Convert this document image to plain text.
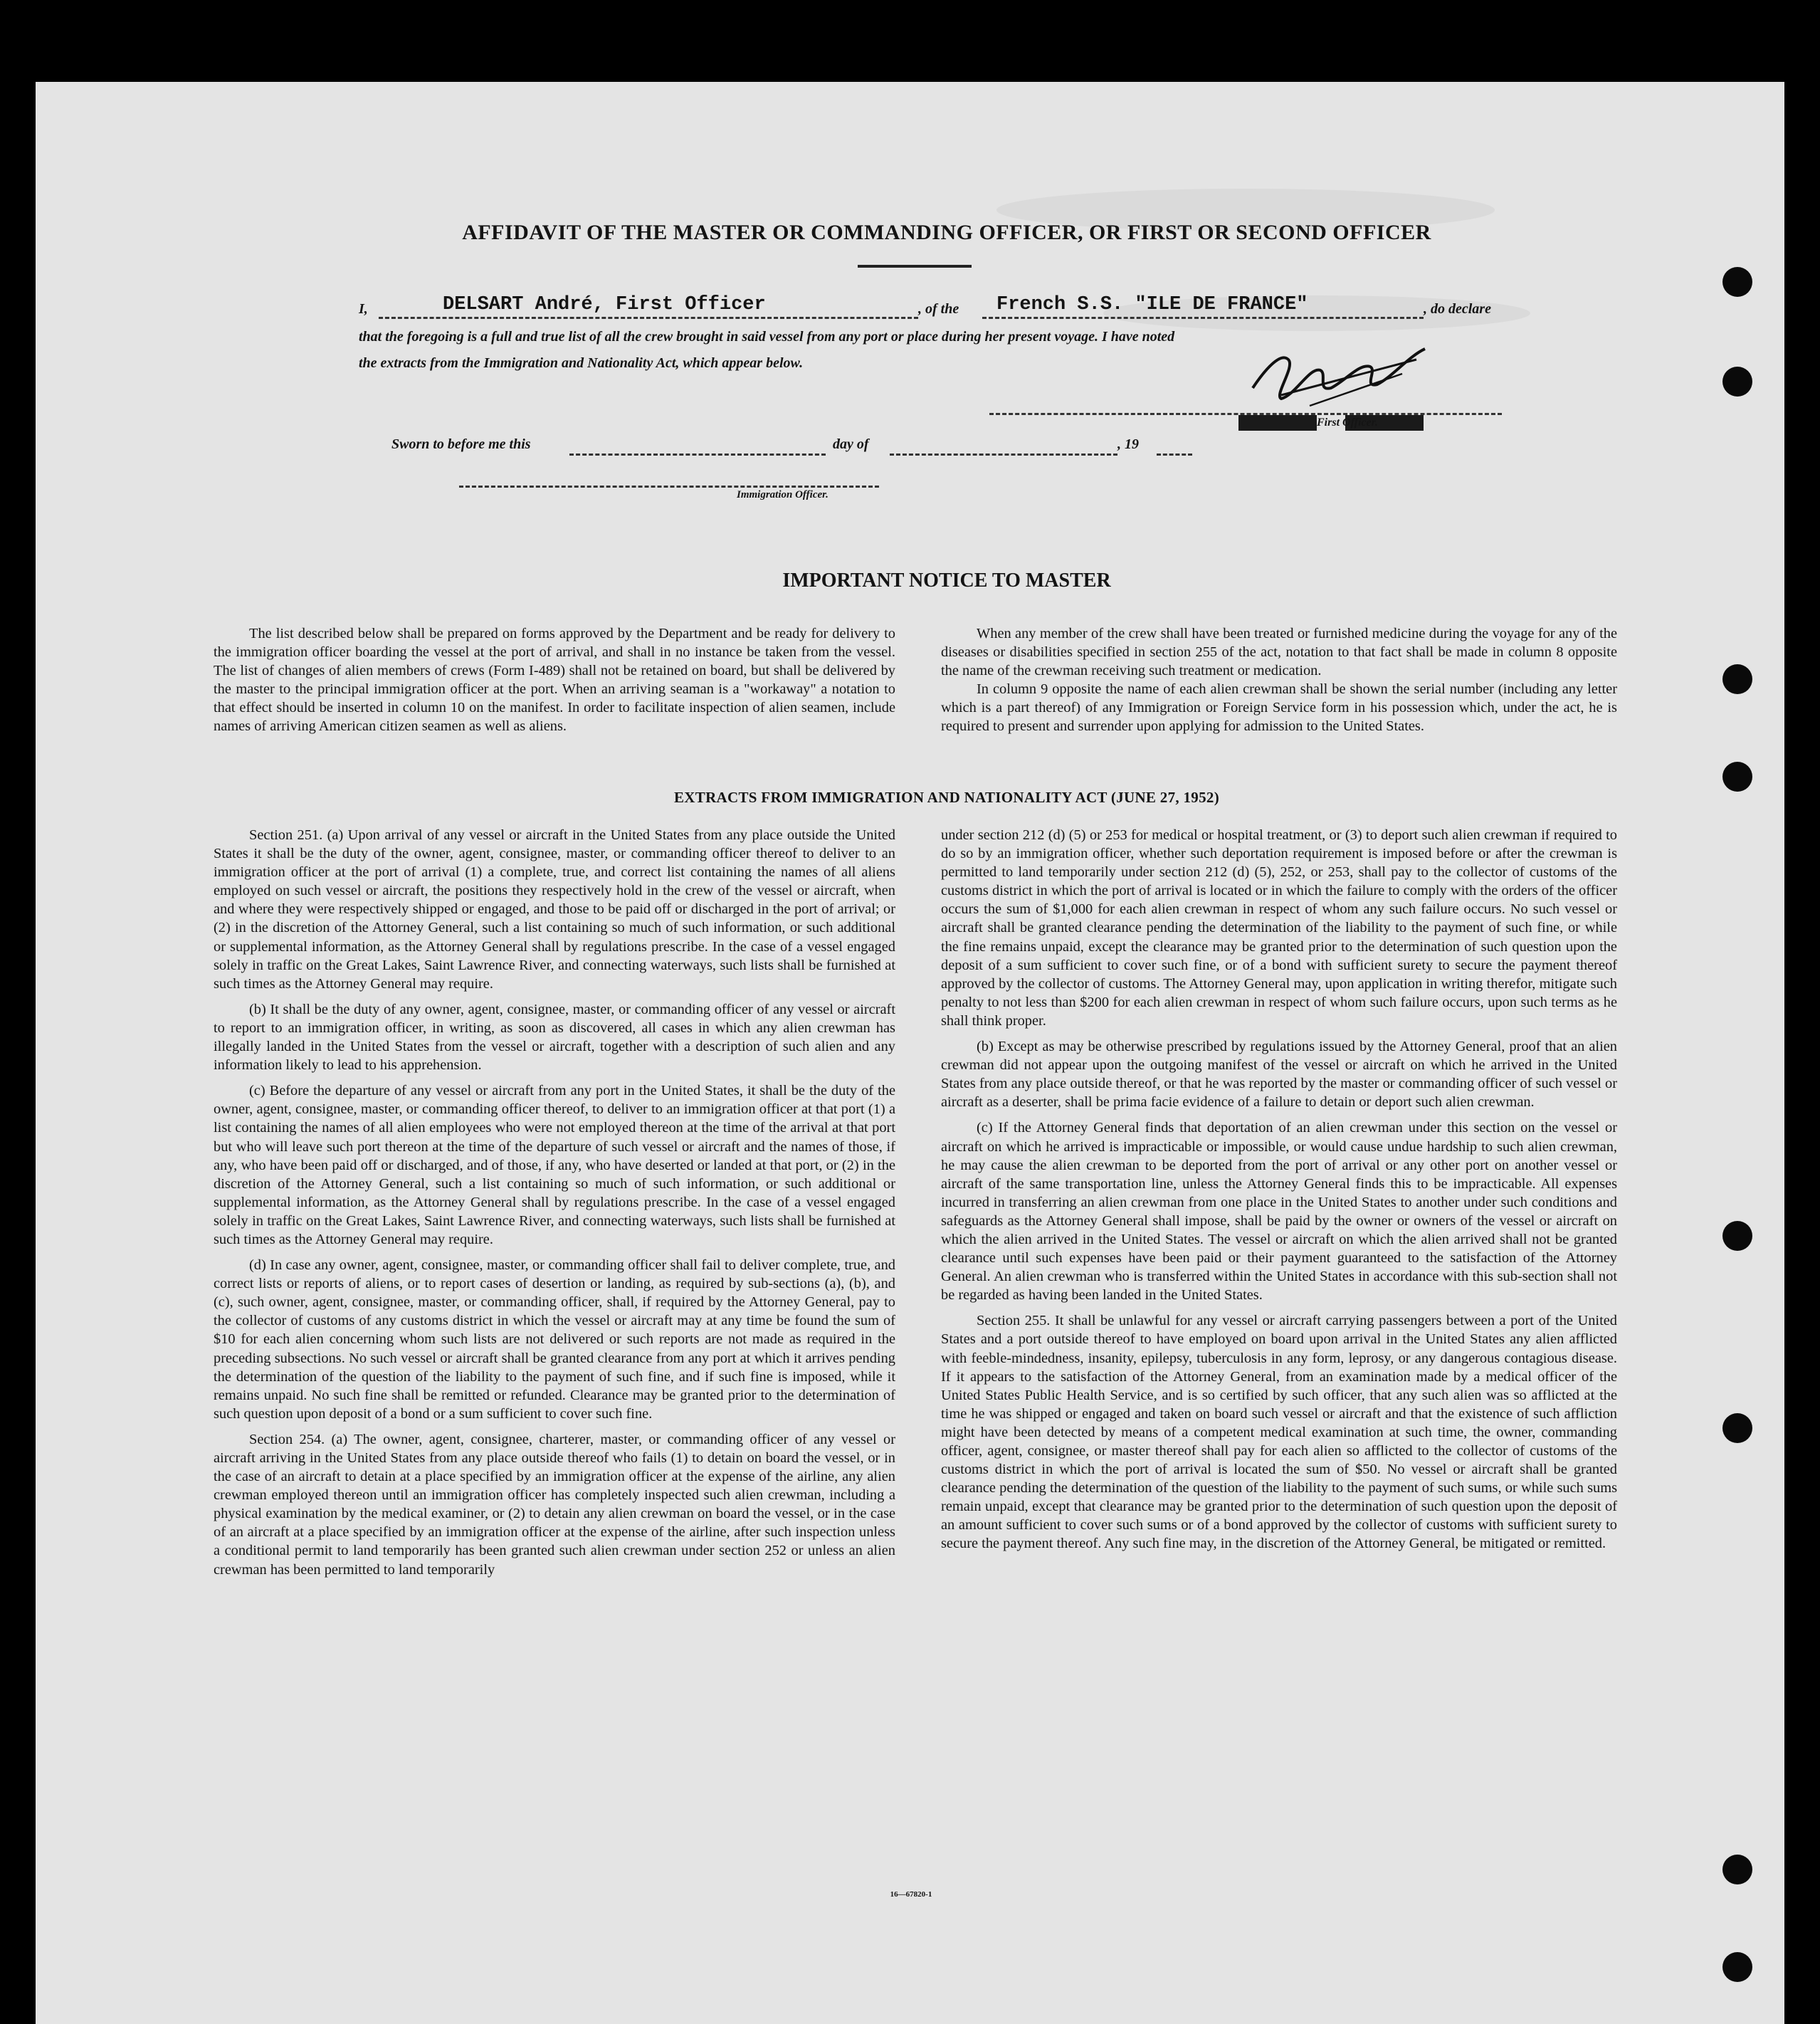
AFFIDAVIT OF THE MASTER OR COMMANDING OFFICER, OR FIRST OR SECOND OFFICER
I,	DELSART André, First Officer	, of the French S.S. "ILE DE FRANCE"	, do declare
that the foregoing is a full and true list of all the crew brought in said vessel from any port or place during her present voyage. I have noted
the extracts from the Immigration and Nationality Act, which appear below.
First Officer.
Sworn to before me this	day of	, 19
Immigration Officer.
IMPORTANT NOTICE TO MASTER

The list described below shall be prepared on forms approved by the Department and be ready for delivery to the immigration officer boarding the vessel at the port of arrival, and shall in no instance be taken from the vessel. The list of changes of alien members of crews (Form I-489) shall not be retained on board, but shall be delivered by the master to the principal immigration officer at the port. When an arriving seaman is a "workaway" a notation to that effect should be inserted in column 10 on the manifest. In order to facilitate inspection of alien seamen, include names of arriving American citizen seamen as well as aliens.

When any member of the crew shall have been treated or furnished medicine during the voyage for any of the diseases or disabilities specified in section 255 of the act, notation to that fact shall be made in column 8 opposite the name of the crewman receiving such treatment or medication.

In column 9 opposite the name of each alien crewman shall be shown the serial number (including any letter which is a part thereof) of any Immigration or Foreign Service form in his possession which, under the act, he is required to present and surrender upon applying for admission to the United States.

EXTRACTS FROM IMMIGRATION AND NATIONALITY ACT (JUNE 27, 1952)

Section 251. (a) Upon arrival of any vessel or aircraft in the United States from any place outside the United States it shall be the duty of the owner, agent, consignee, master, or commanding officer thereof to deliver to an immigration officer at the port of arrival (1) a complete, true, and correct list containing the names of all aliens employed on such vessel or aircraft, the positions they respectively hold in the crew of the vessel or aircraft, when and where they were respectively shipped or engaged, and those to be paid off or discharged in the port of arrival; or (2) in the discretion of the Attorney General, such a list containing so much of such information, or such additional or supplemental information, as the Attorney General shall by regulations prescribe. In the case of a vessel engaged solely in traffic on the Great Lakes, Saint Lawrence River, and connecting waterways, such lists shall be furnished at such times as the Attorney General may require.

(b) It shall be the duty of any owner, agent, consignee, master, or commanding officer of any vessel or aircraft to report to an immigration officer, in writing, as soon as discovered, all cases in which any alien crewman has illegally landed in the United States from the vessel or aircraft, together with a description of such alien and any information likely to lead to his apprehension.

(c) Before the departure of any vessel or aircraft from any port in the United States, it shall be the duty of the owner, agent, consignee, master, or commanding officer thereof, to deliver to an immigration officer at that port (1) a list containing the names of all alien employees who were not employed thereon at the time of the arrival at that port but who will leave such port thereon at the time of the departure of such vessel or aircraft and the names of those, if any, who have been paid off or discharged, and of those, if any, who have deserted or landed at that port, or (2) in the discretion of the Attorney General, such a list containing so much of such information, or such additional or supplemental information, as the Attorney General shall by regulations prescribe. In the case of a vessel engaged solely in traffic on the Great Lakes, Saint Lawrence River, and connecting waterways, such lists shall be furnished at such times as the Attorney General may require.

(d) In case any owner, agent, consignee, master, or commanding officer shall fail to deliver complete, true, and correct lists or reports of aliens, or to report cases of desertion or landing, as required by sub-sections (a), (b), and (c), such owner, agent, consignee, master, or commanding officer, shall, if required by the Attorney General, pay to the collector of customs of any customs district in which the vessel or aircraft may at any time be found the sum of $10 for each alien concerning whom such lists are not delivered or such reports are not made as required in the preceding subsections. No such vessel or aircraft shall be granted clearance from any port at which it arrives pending the determination of the question of the liability to the payment of such fine, and if such fine is imposed, while it remains unpaid. No such fine shall be remitted or refunded. Clearance may be granted prior to the determination of such question upon deposit of a bond or a sum sufficient to cover such fine.

Section 254. (a) The owner, agent, consignee, charterer, master, or commanding officer of any vessel or aircraft arriving in the United States from any place outside thereof who fails (1) to detain on board the vessel, or in the case of an aircraft to detain at a place specified by an immigration officer at the expense of the airline, any alien crewman employed thereon until an immigration officer has completely inspected such alien crewman, including a physical examination by the medical examiner, or (2) to detain any alien crewman on board the vessel, or in the case of an aircraft at a place specified by an immigration officer at the expense of the airline, after such inspection unless a conditional permit to land temporarily has been granted such alien crewman under section 252 or unless an alien crewman has been permitted to land temporarily

under section 212 (d) (5) or 253 for medical or hospital treatment, or (3) to deport such alien crewman if required to do so by an immigration officer, whether such deportation requirement is imposed before or after the crewman is permitted to land temporarily under section 212 (d) (5), 252, or 253, shall pay to the collector of customs of the customs district in which the port of arrival is located or in which the failure to comply with the orders of the officer occurs the sum of $1,000 for each alien crewman in respect of whom any such failure occurs. No such vessel or aircraft shall be granted clearance pending the determination of the liability to the payment of such fine, or while the fine remains unpaid, except the clearance may be granted prior to the determination of such question upon the deposit of a sum sufficient to cover such fine, or of a bond with sufficient surety to secure the payment thereof approved by the collector of customs. The Attorney General may, upon application in writing therefor, mitigate such penalty to not less than $200 for each alien crewman in respect of whom such failure occurs, upon such terms as he shall think proper.

(b) Except as may be otherwise prescribed by regulations issued by the Attorney General, proof that an alien crewman did not appear upon the outgoing manifest of the vessel or aircraft on which he arrived in the United States from any place outside thereof, or that he was reported by the master or commanding officer of such vessel or aircraft as a deserter, shall be prima facie evidence of a failure to detain or deport such alien crewman.

(c) If the Attorney General finds that deportation of an alien crewman under this section on the vessel or aircraft on which he arrived is impracticable or impossible, or would cause undue hardship to such alien crewman, he may cause the alien crewman to be deported from the port of arrival or any other port on another vessel or aircraft of the same transportation line, unless the Attorney General finds this to be impracticable. All expenses incurred in transferring an alien crewman from one place in the United States to another under such conditions and safeguards as the Attorney General shall impose, shall be paid by the owner or owners of the vessel or aircraft on which the alien arrived in the United States. The vessel or aircraft on which the alien arrived shall not be granted clearance until such expenses have been paid or their payment guaranteed to the satisfaction of the Attorney General. An alien crewman who is transferred within the United States in accordance with this sub-section shall not be regarded as having been landed in the United States.

Section 255. It shall be unlawful for any vessel or aircraft carrying passengers between a port of the United States and a port outside thereof to have employed on board upon arrival in the United States any alien afflicted with feeble-mindedness, insanity, epilepsy, tuberculosis in any form, leprosy, or any dangerous contagious disease. If it appears to the satisfaction of the Attorney General, from an examination made by a medical officer of the United States Public Health Service, and is so certified by such officer, that any such alien was so afflicted at the time he was shipped or engaged and taken on board such vessel or aircraft and that the existence of such affliction might have been detected by means of a competent medical examination at such time, the owner, commanding officer, agent, consignee, or master thereof shall pay for each alien so afflicted to the collector of customs of the customs district in which the port of arrival is located the sum of $50. No vessel or aircraft shall be granted clearance pending the determination of the question of the liability to the payment of such sums, or while such sums remain unpaid, except that clearance may be granted prior to the determination of such question upon the deposit of an amount sufficient to cover such sums or of a bond approved by the collector of customs with sufficient surety to secure the payment thereof. Any such fine may, in the discretion of the Attorney General, be mitigated or remitted.

16—67820-1
